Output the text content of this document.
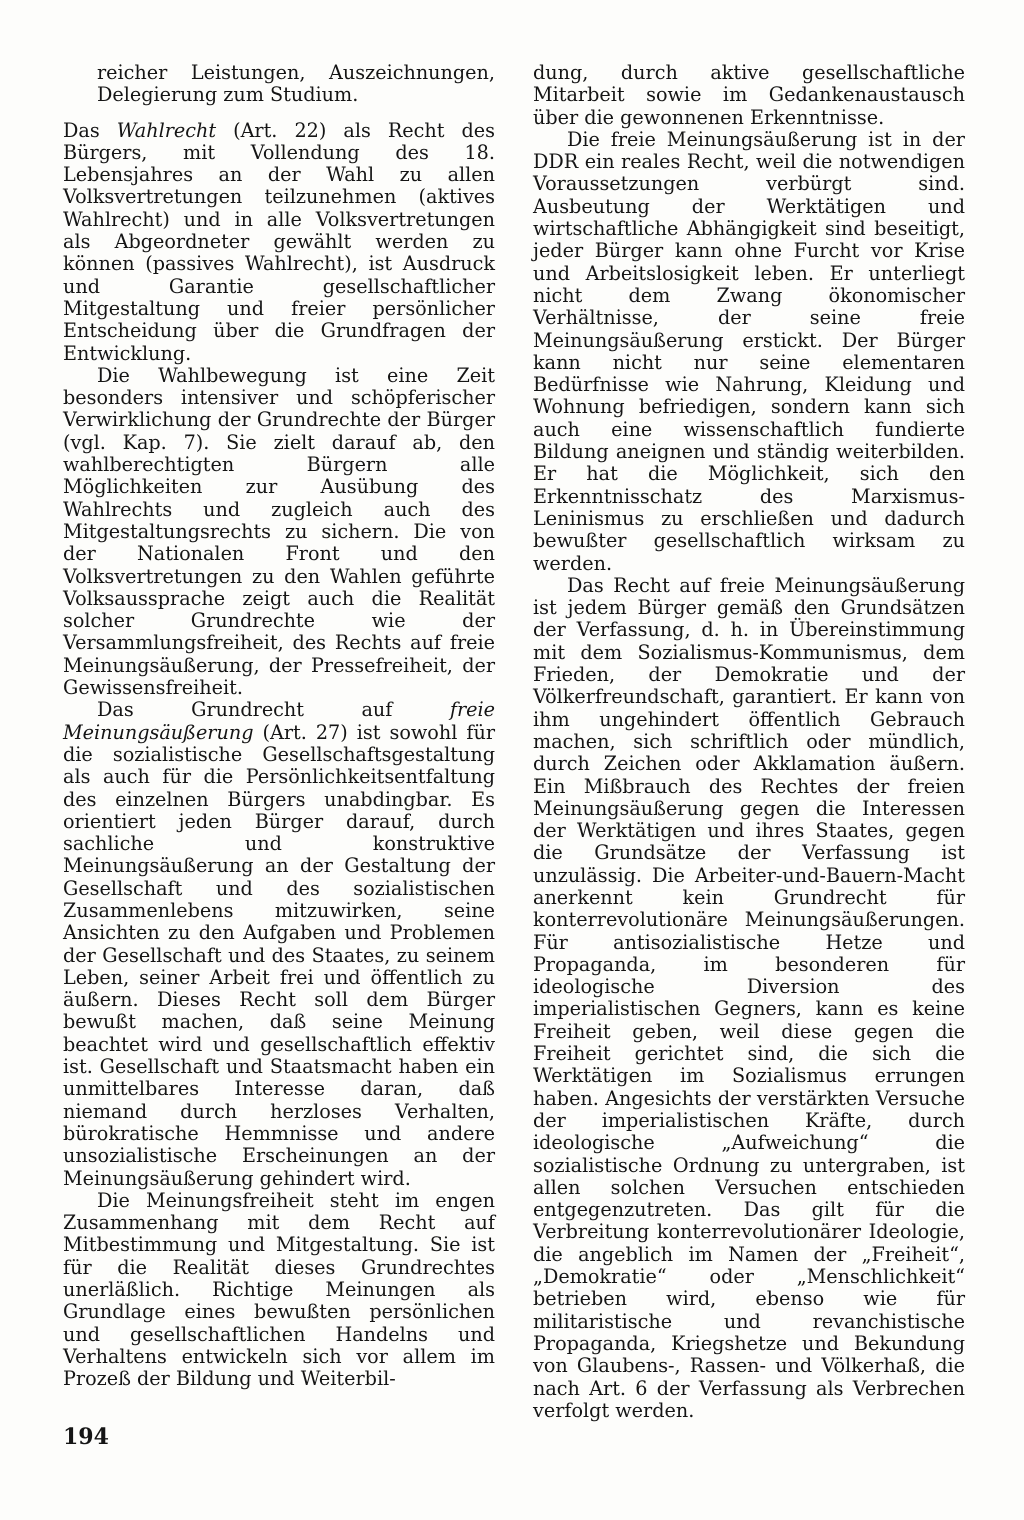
reicher Leistungen, Auszeichnungen, Delegierung zum Studium.

Das Wahlrecht (Art. 22) als Recht des Bürgers, mit Vollendung des 18. Lebensjahres an der Wahl zu allen Volksvertretungen teilzunehmen (aktives Wahlrecht) und in alle Volksvertretungen als Abgeordneter gewählt werden zu können (passives Wahlrecht), ist Ausdruck und Garantie gesellschaftlicher Mitgestaltung und freier persönlicher Entscheidung über die Grundfragen der Entwicklung.

Die Wahlbewegung ist eine Zeit besonders intensiver und schöpferischer Verwirklichung der Grundrechte der Bürger (vgl. Kap. 7). Sie zielt darauf ab, den wahlberechtigten Bürgern alle Möglichkeiten zur Ausübung des Wahlrechts und zugleich auch des Mitgestaltungsrechts zu sichern. Die von der Nationalen Front und den Volksvertretungen zu den Wahlen geführte Volksaussprache zeigt auch die Realität solcher Grundrechte wie der Versammlungsfreiheit, des Rechts auf freie Meinungsäußerung, der Pressefreiheit, der Gewissensfreiheit.

Das Grundrecht auf freie Meinungsäußerung (Art. 27) ist sowohl für die sozialistische Gesellschaftsgestaltung als auch für die Persönlichkeitsentfaltung des einzelnen Bürgers unabdingbar. Es orientiert jeden Bürger darauf, durch sachliche und konstruktive Meinungsäußerung an der Gestaltung der Gesellschaft und des sozialistischen Zusammenlebens mitzuwirken, seine Ansichten zu den Aufgaben und Problemen der Gesellschaft und des Staates, zu seinem Leben, seiner Arbeit frei und öffentlich zu äußern. Dieses Recht soll dem Bürger bewußt machen, daß seine Meinung beachtet wird und gesellschaftlich effektiv ist. Gesellschaft und Staatsmacht haben ein unmittelbares Interesse daran, daß niemand durch herzloses Verhalten, bürokratische Hemmnisse und andere unsozialistische Erscheinungen an der Meinungsäußerung gehindert wird.

Die Meinungsfreiheit steht im engen Zusammenhang mit dem Recht auf Mitbestimmung und Mitgestaltung. Sie ist für die Realität dieses Grundrechtes unerläßlich. Richtige Meinungen als Grundlage eines bewußten persönlichen und gesellschaftlichen Handelns und Verhaltens entwickeln sich vor allem im Prozeß der Bildung und Weiterbil-

dung, durch aktive gesellschaftliche Mitarbeit sowie im Gedankenaustausch über die gewonnenen Erkenntnisse.

Die freie Meinungsäußerung ist in der DDR ein reales Recht, weil die notwendigen Voraussetzungen verbürgt sind. Ausbeutung der Werktätigen und wirtschaftliche Abhängigkeit sind beseitigt, jeder Bürger kann ohne Furcht vor Krise und Arbeitslosigkeit leben. Er unterliegt nicht dem Zwang ökonomischer Verhältnisse, der seine freie Meinungsäußerung erstickt. Der Bürger kann nicht nur seine elementaren Bedürfnisse wie Nahrung, Kleidung und Wohnung befriedigen, sondern kann sich auch eine wissenschaftlich fundierte Bildung aneignen und ständig weiterbilden. Er hat die Möglichkeit, sich den Erkenntnisschatz des Marxismus-Leninismus zu erschließen und dadurch bewußter gesellschaftlich wirksam zu werden.

Das Recht auf freie Meinungsäußerung ist jedem Bürger gemäß den Grundsätzen der Verfassung, d. h. in Übereinstimmung mit dem Sozialismus-Kommunismus, dem Frieden, der Demokratie und der Völkerfreundschaft, garantiert. Er kann von ihm ungehindert öffentlich Gebrauch machen, sich schriftlich oder mündlich, durch Zeichen oder Akklamation äußern. Ein Mißbrauch des Rechtes der freien Meinungsäußerung gegen die Interessen der Werktätigen und ihres Staates, gegen die Grundsätze der Verfassung ist unzulässig. Die Arbeiter-und-Bauern-Macht anerkennt kein Grundrecht für konterrevolutionäre Meinungsäußerungen. Für antisozialistische Hetze und Propaganda, im besonderen für ideologische Diversion des imperialistischen Gegners, kann es keine Freiheit geben, weil diese gegen die Freiheit gerichtet sind, die sich die Werktätigen im Sozialismus errungen haben. Angesichts der verstärkten Versuche der imperialistischen Kräfte, durch ideologische „Aufweichung“ die sozialistische Ordnung zu untergraben, ist allen solchen Versuchen entschieden entgegenzutreten. Das gilt für die Verbreitung konterrevolutionärer Ideologie, die angeblich im Namen der „Freiheit“, „Demokratie“ oder „Menschlichkeit“ betrieben wird, ebenso wie für militaristische und revanchistische Propaganda, Kriegshetze und Bekundung von Glaubens-, Rassen- und Völkerhaß, die nach Art. 6 der Verfassung als Verbrechen verfolgt werden.

194
